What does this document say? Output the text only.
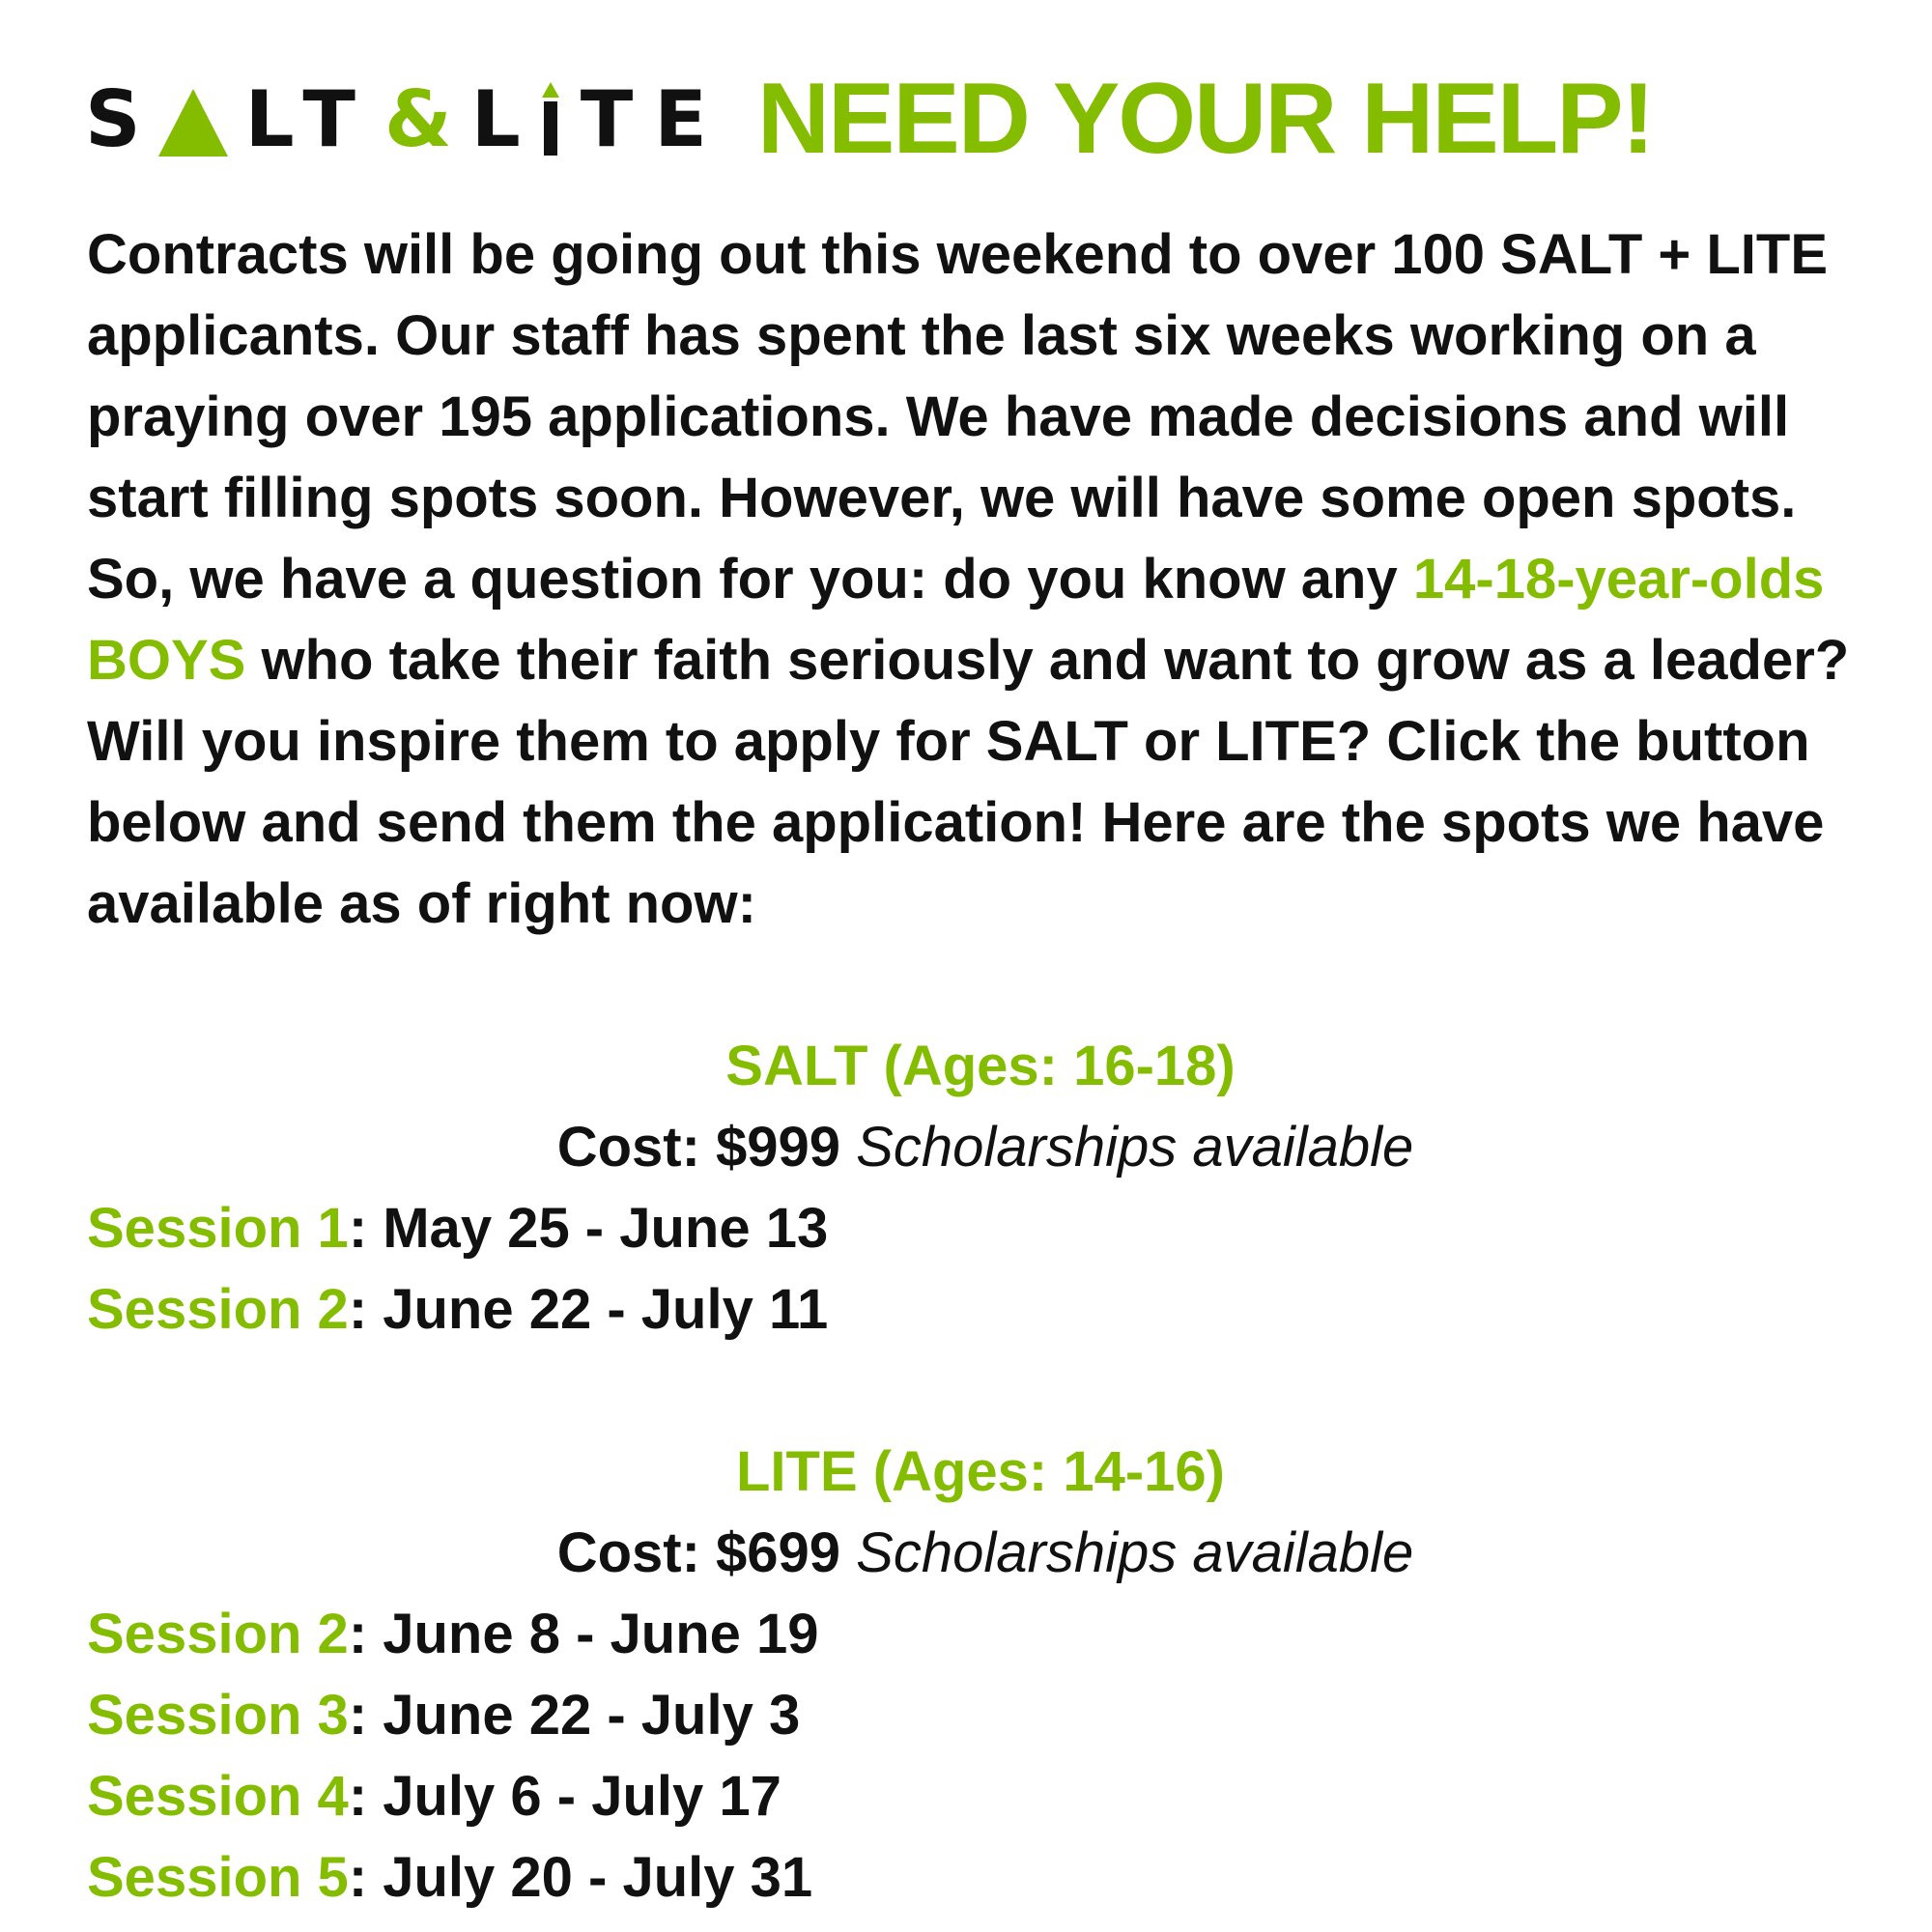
S LT & L TE NEED YOUR HELP!
Contracts will be going out this weekend to over 100 SALT + LITE applicants. Our staff has spent the last six weeks working on a praying over 195 applications. We have made decisions and will start filling spots soon. However, we will have some open spots. So, we have a question for you: do you know any 14-18-year-olds BOYS who take their faith seriously and want to grow as a leader? Will you inspire them to apply for SALT or LITE? Click the button below and send them the application! Here are the spots we have available as of right now:
SALT (Ages: 16-18)
Cost: $999 Scholarships available
Session 1: May 25 - June 13
Session 2: June 22 - July 11
LITE (Ages: 14-16)
Cost: $699 Scholarships available
Session 2: June 8 - June 19
Session 3: June 22 - July 3
Session 4: July 6 - July 17
Session 5: July 20 - July 31
